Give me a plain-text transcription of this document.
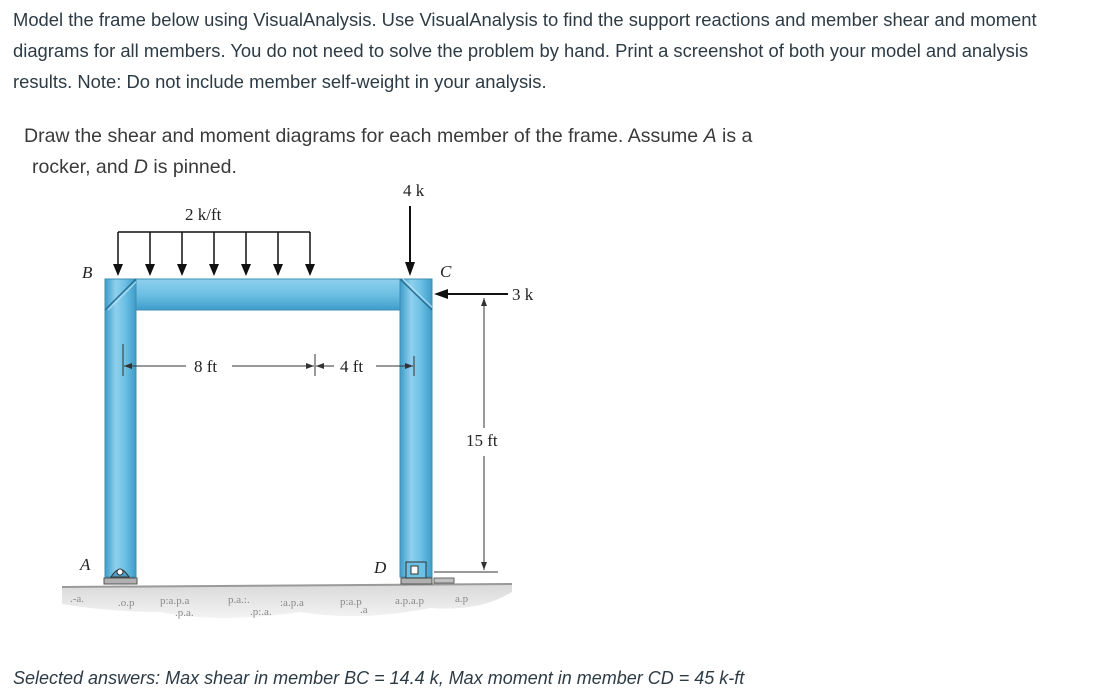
Model the frame below using VisualAnalysis. Use VisualAnalysis to find the support reactions and member shear and moment
diagrams for all members. You do not need to solve the problem by hand. Print a screenshot of both your model and analysis
results. Note: Do not include member self-weight in your analysis.
Draw the shear and moment diagrams for each member of the frame. Assume A is a
rocker, and D is pinned.
.-a.	.o.p p:a.p.a	p.a.:.	:a.p.a	p:a.p	a.p.a.p	a.p
.p.a.	.p:.a.	.a
2 k/ft
4 k
3 k
8 ft	4 ft
15 ft
B	C
A	D
Selected answers: Max shear in member BC = 14.4 k, Max moment in member CD = 45 k-ft
